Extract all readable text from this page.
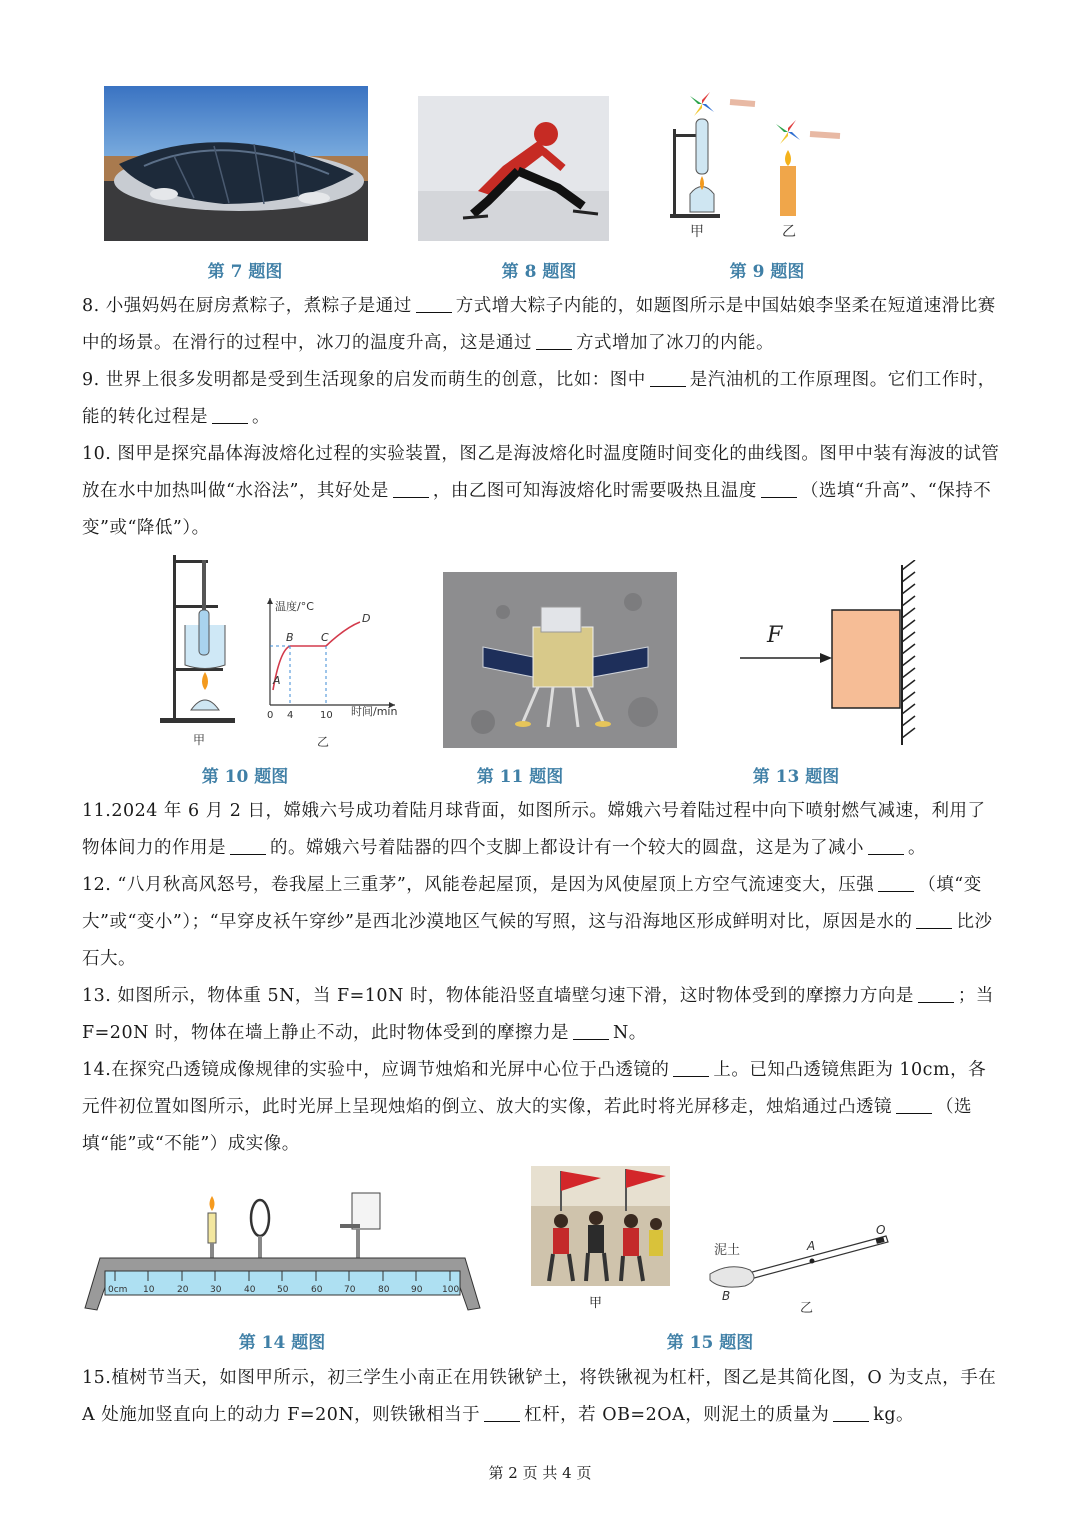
甲	乙
第 7 题图	第 8 题图	第 9 题图

8. 小强妈妈在厨房煮粽子，煮粽子是通过	方式增大粽子内能的，如题图所示是中国姑娘李坚柔在短道速滑比赛中的场景。在滑行的过程中，冰刀的温度升高，这是通过	方式增加了冰刀的内能。

9. 世界上很多发明都是受到生活现象的启发而萌生的创意，比如：图中	是汽油机的工作原理图。它们工作时，能的转化过程是	。

10. 图甲是探究晶体海波熔化过程的实验装置，图乙是海波熔化时温度随时间变化的曲线图。图甲中装有海波的试管放在水中加热叫做“水浴法”，其好处是	，由乙图可知海波熔化时需要吸热且温度	（选填“升高”、“保持不变”或“降低”）。

甲
温度/°C
时间/min
A
B C
D
0 4	10
乙
F
第 10 题图	第 11 题图	第 13 题图

11.2024 年 6 月 2 日，嫦娥六号成功着陆月球背面，如图所示。嫦娥六号着陆过程中向下喷射燃气减速，利用了物体间力的作用是	的。嫦娥六号着陆器的四个支脚上都设计有一个较大的圆盘，这是为了减小	。

12. “八月秋高风怒号，卷我屋上三重茅”，风能卷起屋顶，是因为风使屋顶上方空气流速变大，压强	（填“变大”或“变小”）；“早穿皮袄午穿纱”是西北沙漠地区气候的写照，这与沿海地区形成鲜明对比，原因是水的	比沙石大。

13. 如图所示，物体重 5N，当 F=10N 时，物体能沿竖直墙壁匀速下滑，这时物体受到的摩擦力方向是	；当 F=20N 时，物体在墙上静止不动，此时物体受到的摩擦力是	N。

14.在探究凸透镜成像规律的实验中，应调节烛焰和光屏中心位于凸透镜的	上。已知凸透镜焦距为 10cm，各元件初位置如图所示，此时光屏上呈现烛焰的倒立、放大的实像，若此时将光屏移走，烛焰通过凸透镜	（选填“能”或“不能”）成实像。

0cm 10	20 30	40 50	60 70	80 90 100
甲
泥土	A
B
O
乙
第 14 题图	第 15 题图

15.植树节当天，如图甲所示，初三学生小南正在用铁锹铲土，将铁锹视为杠杆，图乙是其简化图，O 为支点，手在 A 处施加竖直向上的动力 F=20N，则铁锹相当于	杠杆，若 OB=2OA，则泥土的质量为	kg。

第 2 页 共 4 页
